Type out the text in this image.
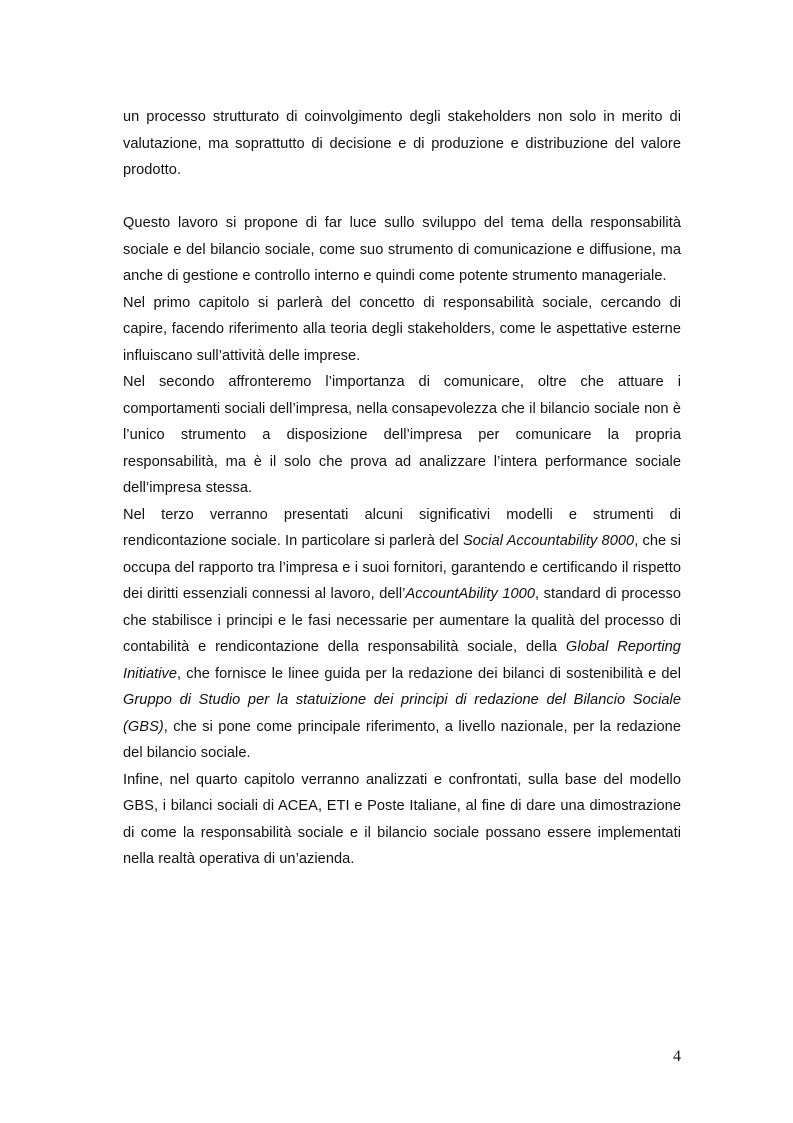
un processo strutturato di coinvolgimento degli stakeholders non solo in merito di valutazione, ma soprattutto di decisione e di produzione e distribuzione del valore prodotto.

Questo lavoro si propone di far luce sullo sviluppo del tema della responsabilità sociale e del bilancio sociale, come suo strumento di comunicazione e diffusione, ma anche di gestione e controllo interno e quindi come potente strumento manageriale.

Nel primo capitolo si parlerà del concetto di responsabilità sociale, cercando di capire, facendo riferimento alla teoria degli stakeholders, come le aspettative esterne influiscano sull’attività delle imprese.

Nel secondo affronteremo l’importanza di comunicare, oltre che attuare i comportamenti sociali dell’impresa, nella consapevolezza che il bilancio sociale non è l’unico strumento a disposizione dell’impresa per comunicare la propria responsabilità, ma è il solo che prova ad analizzare l’intera performance sociale dell’impresa stessa.

Nel terzo verranno presentati alcuni significativi modelli e strumenti di rendicontazione sociale. In particolare si parlerà del Social Accountability 8000, che si occupa del rapporto tra l’impresa e i suoi fornitori, garantendo e certificando il rispetto dei diritti essenziali connessi al lavoro, dell’AccountAbility 1000, standard di processo che stabilisce i principi e le fasi necessarie per aumentare la qualità del processo di contabilità e rendicontazione della responsabilità sociale, della Global Reporting Initiative, che fornisce le linee guida per la redazione dei bilanci di sostenibilità e del Gruppo di Studio per la statuizione dei principi di redazione del Bilancio Sociale (GBS), che si pone come principale riferimento, a livello nazionale, per la redazione del bilancio sociale.

Infine, nel quarto capitolo verranno analizzati e confrontati, sulla base del modello GBS, i bilanci sociali di ACEA, ETI e Poste Italiane, al fine di dare una dimostrazione di come la responsabilità sociale e il bilancio sociale possano essere implementati nella realtà operativa di un’azienda.

4
